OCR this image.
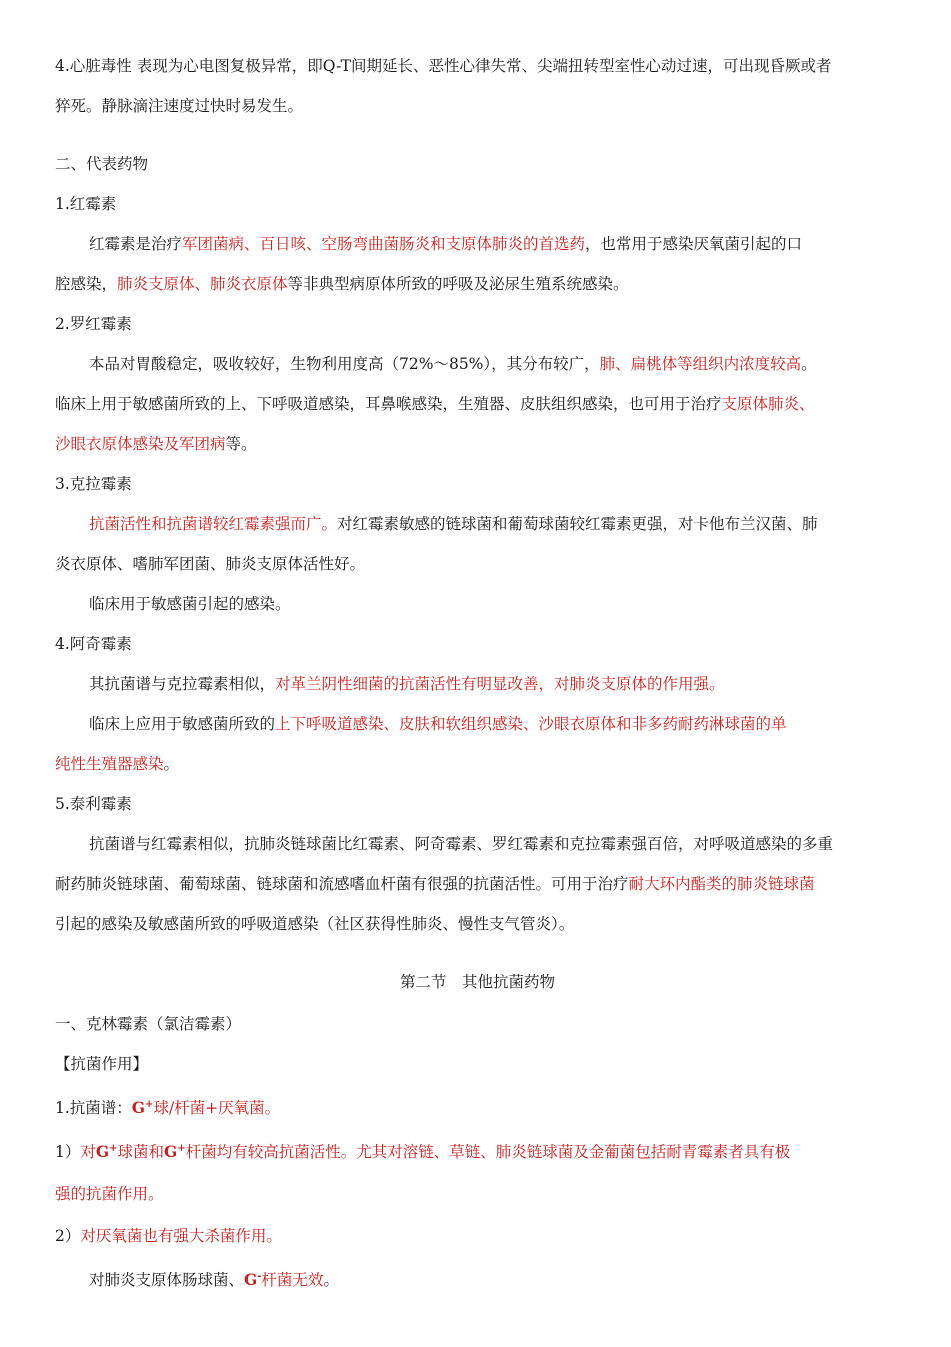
4.心脏毒性 表现为心电图复极异常，即Q-T间期延长、恶性心律失常、尖端扭转型室性心动过速，可出现昏厥或者
猝死。静脉滴注速度过快时易发生。
二、代表药物
1.红霉素
红霉素是治疗军团菌病、百日咳、空肠弯曲菌肠炎和支原体肺炎的首选药，也常用于感染厌氧菌引起的口
腔感染，肺炎支原体、肺炎衣原体等非典型病原体所致的呼吸及泌尿生殖系统感染。
2.罗红霉素
本品对胃酸稳定，吸收较好，生物利用度高（72%～85%），其分布较广，肺、扁桃体等组织内浓度较高。
临床上用于敏感菌所致的上、下呼吸道感染，耳鼻喉感染，生殖器、皮肤组织感染，也可用于治疗支原体肺炎、
沙眼衣原体感染及军团病等。
3.克拉霉素
抗菌活性和抗菌谱较红霉素强而广。对红霉素敏感的链球菌和葡萄球菌较红霉素更强，对卡他布兰汉菌、肺
炎衣原体、嗜肺军团菌、肺炎支原体活性好。
临床用于敏感菌引起的感染。
4.阿奇霉素
其抗菌谱与克拉霉素相似，对革兰阴性细菌的抗菌活性有明显改善，对肺炎支原体的作用强。
临床上应用于敏感菌所致的上下呼吸道感染、皮肤和软组织感染、沙眼衣原体和非多药耐药淋球菌的单
纯性生殖器感染。
5.泰利霉素
抗菌谱与红霉素相似，抗肺炎链球菌比红霉素、阿奇霉素、罗红霉素和克拉霉素强百倍，对呼吸道感染的多重
耐药肺炎链球菌、葡萄球菌、链球菌和流感嗜血杆菌有很强的抗菌活性。可用于治疗耐大环内酯类的肺炎链球菌
引起的感染及敏感菌所致的呼吸道感染（社区获得性肺炎、慢性支气管炎）。
第二节　其他抗菌药物
一、克林霉素（氯洁霉素）
【抗菌作用】
1.抗菌谱：G+球/杆菌+厌氧菌。
1）对G+球菌和G+杆菌均有较高抗菌活性。尤其对溶链、草链、肺炎链球菌及金葡菌包括耐青霉素者具有极
强的抗菌作用。
2）对厌氧菌也有强大杀菌作用。
对肺炎支原体肠球菌、G-杆菌无效。
